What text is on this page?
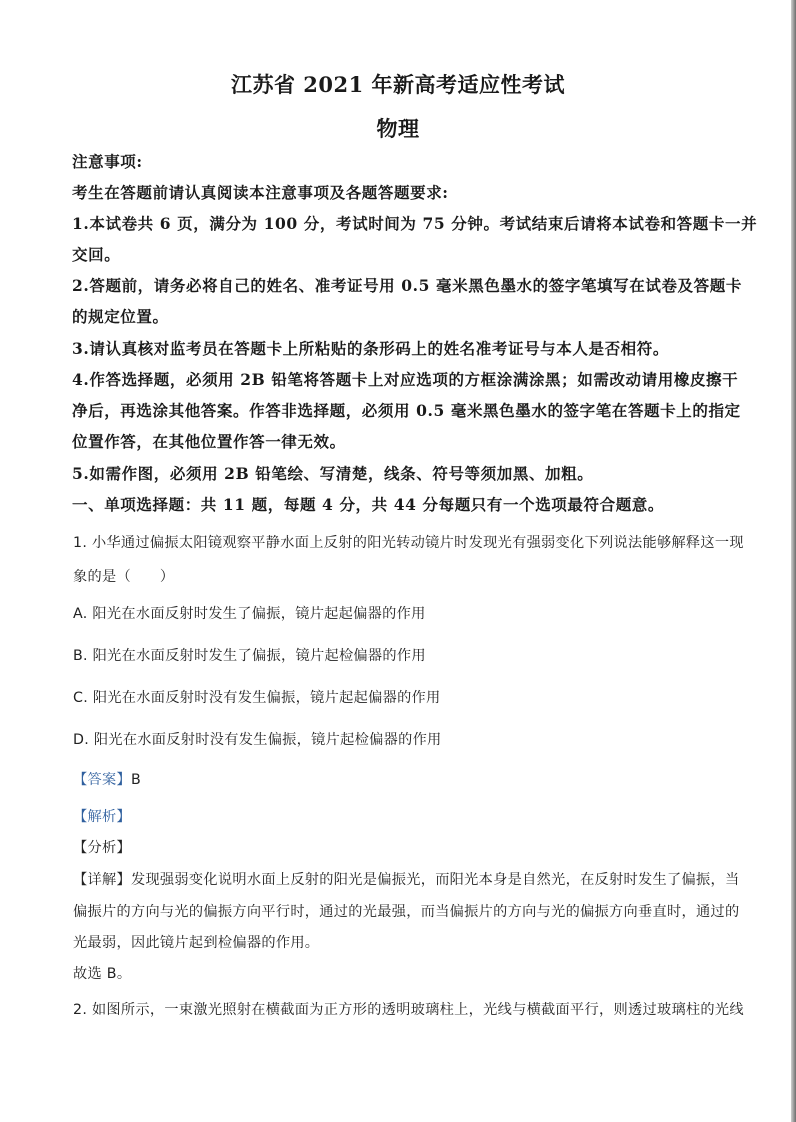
江苏省 2021 年新高考适应性考试
物理
注意事项:
考生在答题前请认真阅读本注意事项及各题答题要求:
1.本试卷共 6 页，满分为 100 分，考试时间为 75 分钟。考试结束后请将本试卷和答题卡一并
交回。
2.答题前，请务必将自己的姓名、准考证号用 0.5 毫米黑色墨水的签字笔填写在试卷及答题卡
的规定位置。
3.请认真核对监考员在答题卡上所粘贴的条形码上的姓名准考证号与本人是否相符。
4.作答选择题，必须用 2B 铅笔将答题卡上对应选项的方框涂满涂黑；如需改动请用橡皮擦干
净后，再选涂其他答案。作答非选择题，必须用 0.5 毫米黑色墨水的签字笔在答题卡上的指定
位置作答，在其他位置作答一律无效。
5.如需作图，必须用 2B 铅笔绘、写清楚，线条、符号等须加黑、加粗。
一、单项选择题：共 11 题，每题 4 分，共 44 分每题只有一个选项最符合题意。
1. 小华通过偏振太阳镜观察平静水面上反射的阳光转动镜片时发现光有强弱变化下列说法能够解释这一现
象的是（　　）
A. 阳光在水面反射时发生了偏振，镜片起起偏器的作用
B. 阳光在水面反射时发生了偏振，镜片起检偏器的作用
C. 阳光在水面反射时没有发生偏振，镜片起起偏器的作用
D. 阳光在水面反射时没有发生偏振，镜片起检偏器的作用
【答案】B
【解析】
【分析】
【详解】发现强弱变化说明水面上反射的阳光是偏振光，而阳光本身是自然光，在反射时发生了偏振，当
偏振片的方向与光的偏振方向平行时，通过的光最强，而当偏振片的方向与光的偏振方向垂直时，通过的
光最弱，因此镜片起到检偏器的作用。
故选 B。
2. 如图所示，一束激光照射在横截面为正方形的透明玻璃柱上，光线与横截面平行，则透过玻璃柱的光线
